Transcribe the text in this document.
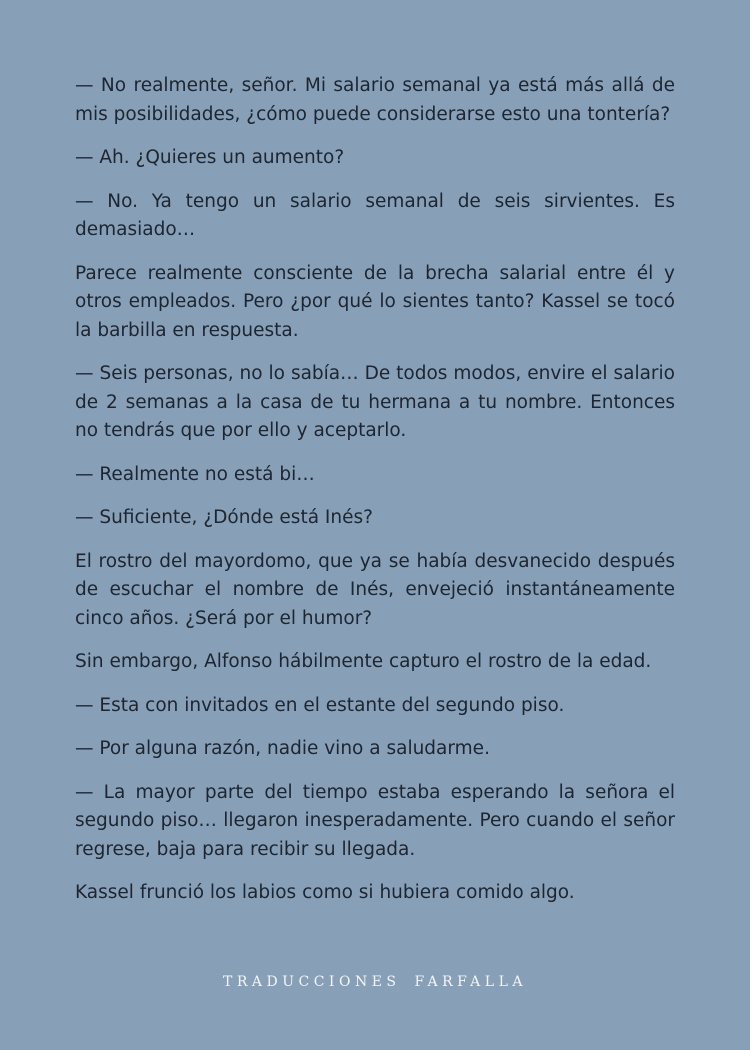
— No realmente, señor. Mi salario semanal ya está más allá de mis posibilidades, ¿cómo puede considerarse esto una tontería?

— Ah. ¿Quieres un aumento?

— No. Ya tengo un salario semanal de seis sirvientes. Es demasiado…

Parece realmente consciente de la brecha salarial entre él y otros empleados. Pero ¿por qué lo sientes tanto? Kassel se tocó la barbilla en respuesta.

— Seis personas, no lo sabía… De todos modos, envire el salario de 2 semanas a la casa de tu hermana a tu nombre. Entonces no tendrás que por ello y aceptarlo.

— Realmente no está bi…

— Suficiente, ¿Dónde está Inés?

El rostro del mayordomo, que ya se había desvanecido después de escuchar el nombre de Inés, envejeció instantáneamente cinco años. ¿Será por el humor?

Sin embargo, Alfonso hábilmente capturo el rostro de la edad.

— Esta con invitados en el estante del segundo piso.

— Por alguna razón, nadie vino a saludarme.

— La mayor parte del tiempo estaba esperando la señora el segundo piso… llegaron inesperadamente. Pero cuando el señor regrese, baja para recibir su llegada.

Kassel frunció los labios como si hubiera comido algo.

TRADUCCIONES FARFALLA
